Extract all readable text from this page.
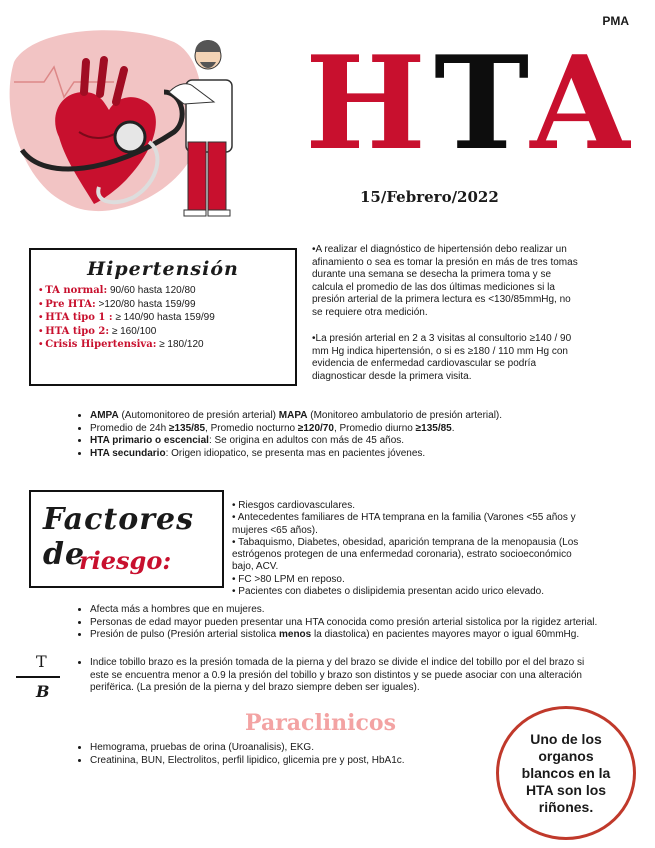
PMA
HTA
15/Febrero/2022
Hipertensión
• TA normal: 90/60 hasta 120/80
• Pre HTA: >120/80 hasta 159/99
• HTA tipo 1 : ≥ 140/90 hasta 159/99
• HTA tipo 2: ≥ 160/100
• Crisis Hipertensiva: ≥ 180/120
•A realizar el diagnóstico de hipertensión debo realizar un afinamiento o sea es tomar la presión en más de tres tomas durante una semana se desecha la primera toma y se calcula el promedio de las dos últimas mediciones si la presión arterial de la primera lectura es <130/85mmHg, no se requiere otra medición.
•La presión arterial en 2 a 3 visitas al consultorio ≥140 / 90 mm Hg indica hipertensión, o si es ≥180 / 110 mm Hg con evidencia de enfermedad cardiovascular se podría diagnosticar desde la primera visita.
• AMPA (Automonitoreo de presión arterial) MAPA (Monitoreo ambulatorio de presión arterial).
• Promedio de 24h ≥135/85, Promedio nocturno ≥120/70, Promedio diurno ≥135/85.
• HTA primario o escencial: Se origina en adultos con más de 45 años.
• HTA secundario: Origen idiopatico, se presenta mas en pacientes jóvenes.
Factores de
riesgo:
• Riesgos cardiovasculares.
• Antecedentes familiares de HTA temprana en la familia (Varones <55 años y mujeres <65 años).
• Tabaquismo, Diabetes, obesidad, aparición temprana de la menopausia (Los estrógenos protegen de una enfermedad coronaria), estrato socioeconómico bajo, ACV.
• FC >80 LPM en reposo.
• Pacientes con diabetes o dislipidemia presentan acido urico elevado.
• Afecta más a hombres que en mujeres.
• Personas de edad mayor pueden presentar una HTA conocida como presión arterial sistolica por la rigidez arterial.
• Presión de pulso (Presión arterial sistolica menos la diastolica) en pacientes mayores mayor o igual 60mmHg.
T
B
• Indice tobillo brazo es la presión tomada de la pierna y del brazo se divide el indice del tobillo por el del brazo si este se encuentra menor a 0.9 la presión del tobillo y brazo son distintos y se puede asociar con una alteración perifërica. (La presión de la pierna y del brazo siempre deben ser iguales).
Paraclinicos
• Hemograma, pruebas de orina (Uroanalisis), EKG.
• Creatinina, BUN, Electrolitos, perfil lipidico, glicemia pre y post, HbA1c.
Uno de los organos blancos en la HTA son los riñones.
